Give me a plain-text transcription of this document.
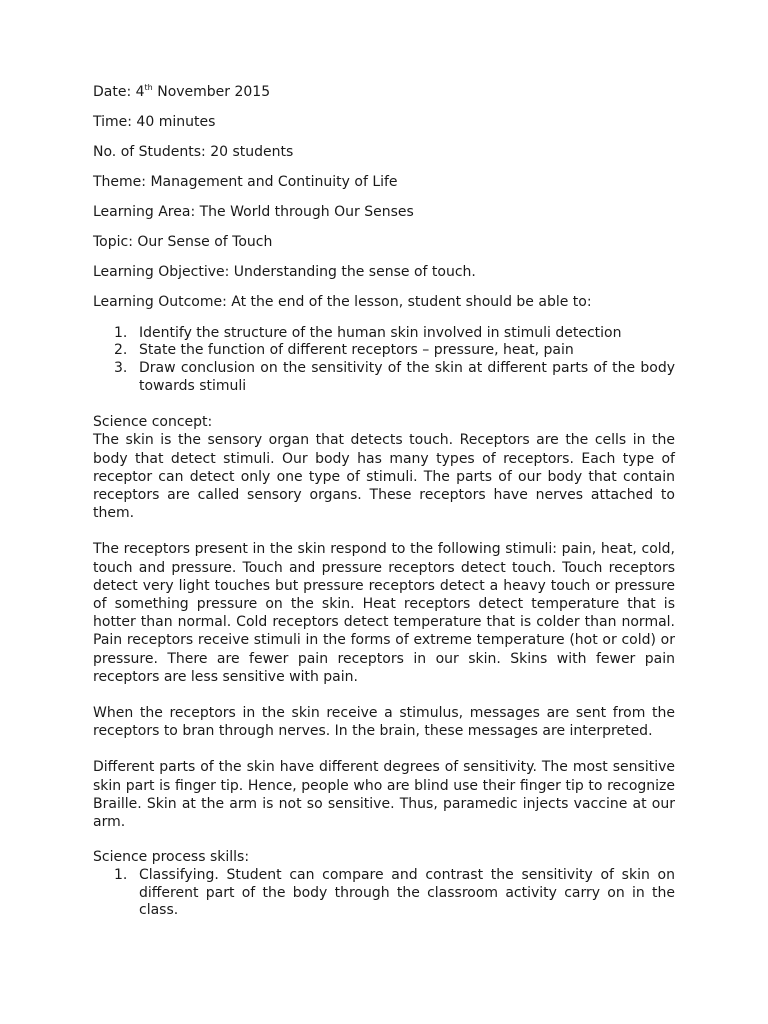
Date: 4th November 2015
Time: 40 minutes
No. of Students: 20 students
Theme: Management and Continuity of Life
Learning Area: The World through Our Senses
Topic: Our Sense of Touch
Learning Objective: Understanding the sense of touch.
Learning Outcome: At the end of the lesson, student should be able to:
1. Identify the structure of the human skin involved in stimuli detection
2. State the function of different receptors – pressure, heat, pain
3. Draw conclusion on the sensitivity of the skin at different parts of the body towards stimuli
Science concept:

The skin is the sensory organ that detects touch. Receptors are the cells in the body that detect stimuli. Our body has many types of receptors. Each type of receptor can detect only one type of stimuli. The parts of our body that contain receptors are called sensory organs. These receptors have nerves attached to them.

The receptors present in the skin respond to the following stimuli: pain, heat, cold, touch and pressure. Touch and pressure receptors detect touch. Touch receptors detect very light touches but pressure receptors detect a heavy touch or pressure of something pressure on the skin. Heat receptors detect temperature that is hotter than normal. Cold receptors detect temperature that is colder than normal. Pain receptors receive stimuli in the forms of extreme temperature (hot or cold) or pressure. There are fewer pain receptors in our skin. Skins with fewer pain receptors are less sensitive with pain.

When the receptors in the skin receive a stimulus, messages are sent from the receptors to bran through nerves. In the brain, these messages are interpreted.

Different parts of the skin have different degrees of sensitivity. The most sensitive skin part is finger tip. Hence, people who are blind use their finger tip to recognize Braille. Skin at the arm is not so sensitive. Thus, paramedic injects vaccine at our arm.

Science process skills:
1. Classifying. Student can compare and contrast the sensitivity of skin on different part of the body through the classroom activity carry on in the class.
